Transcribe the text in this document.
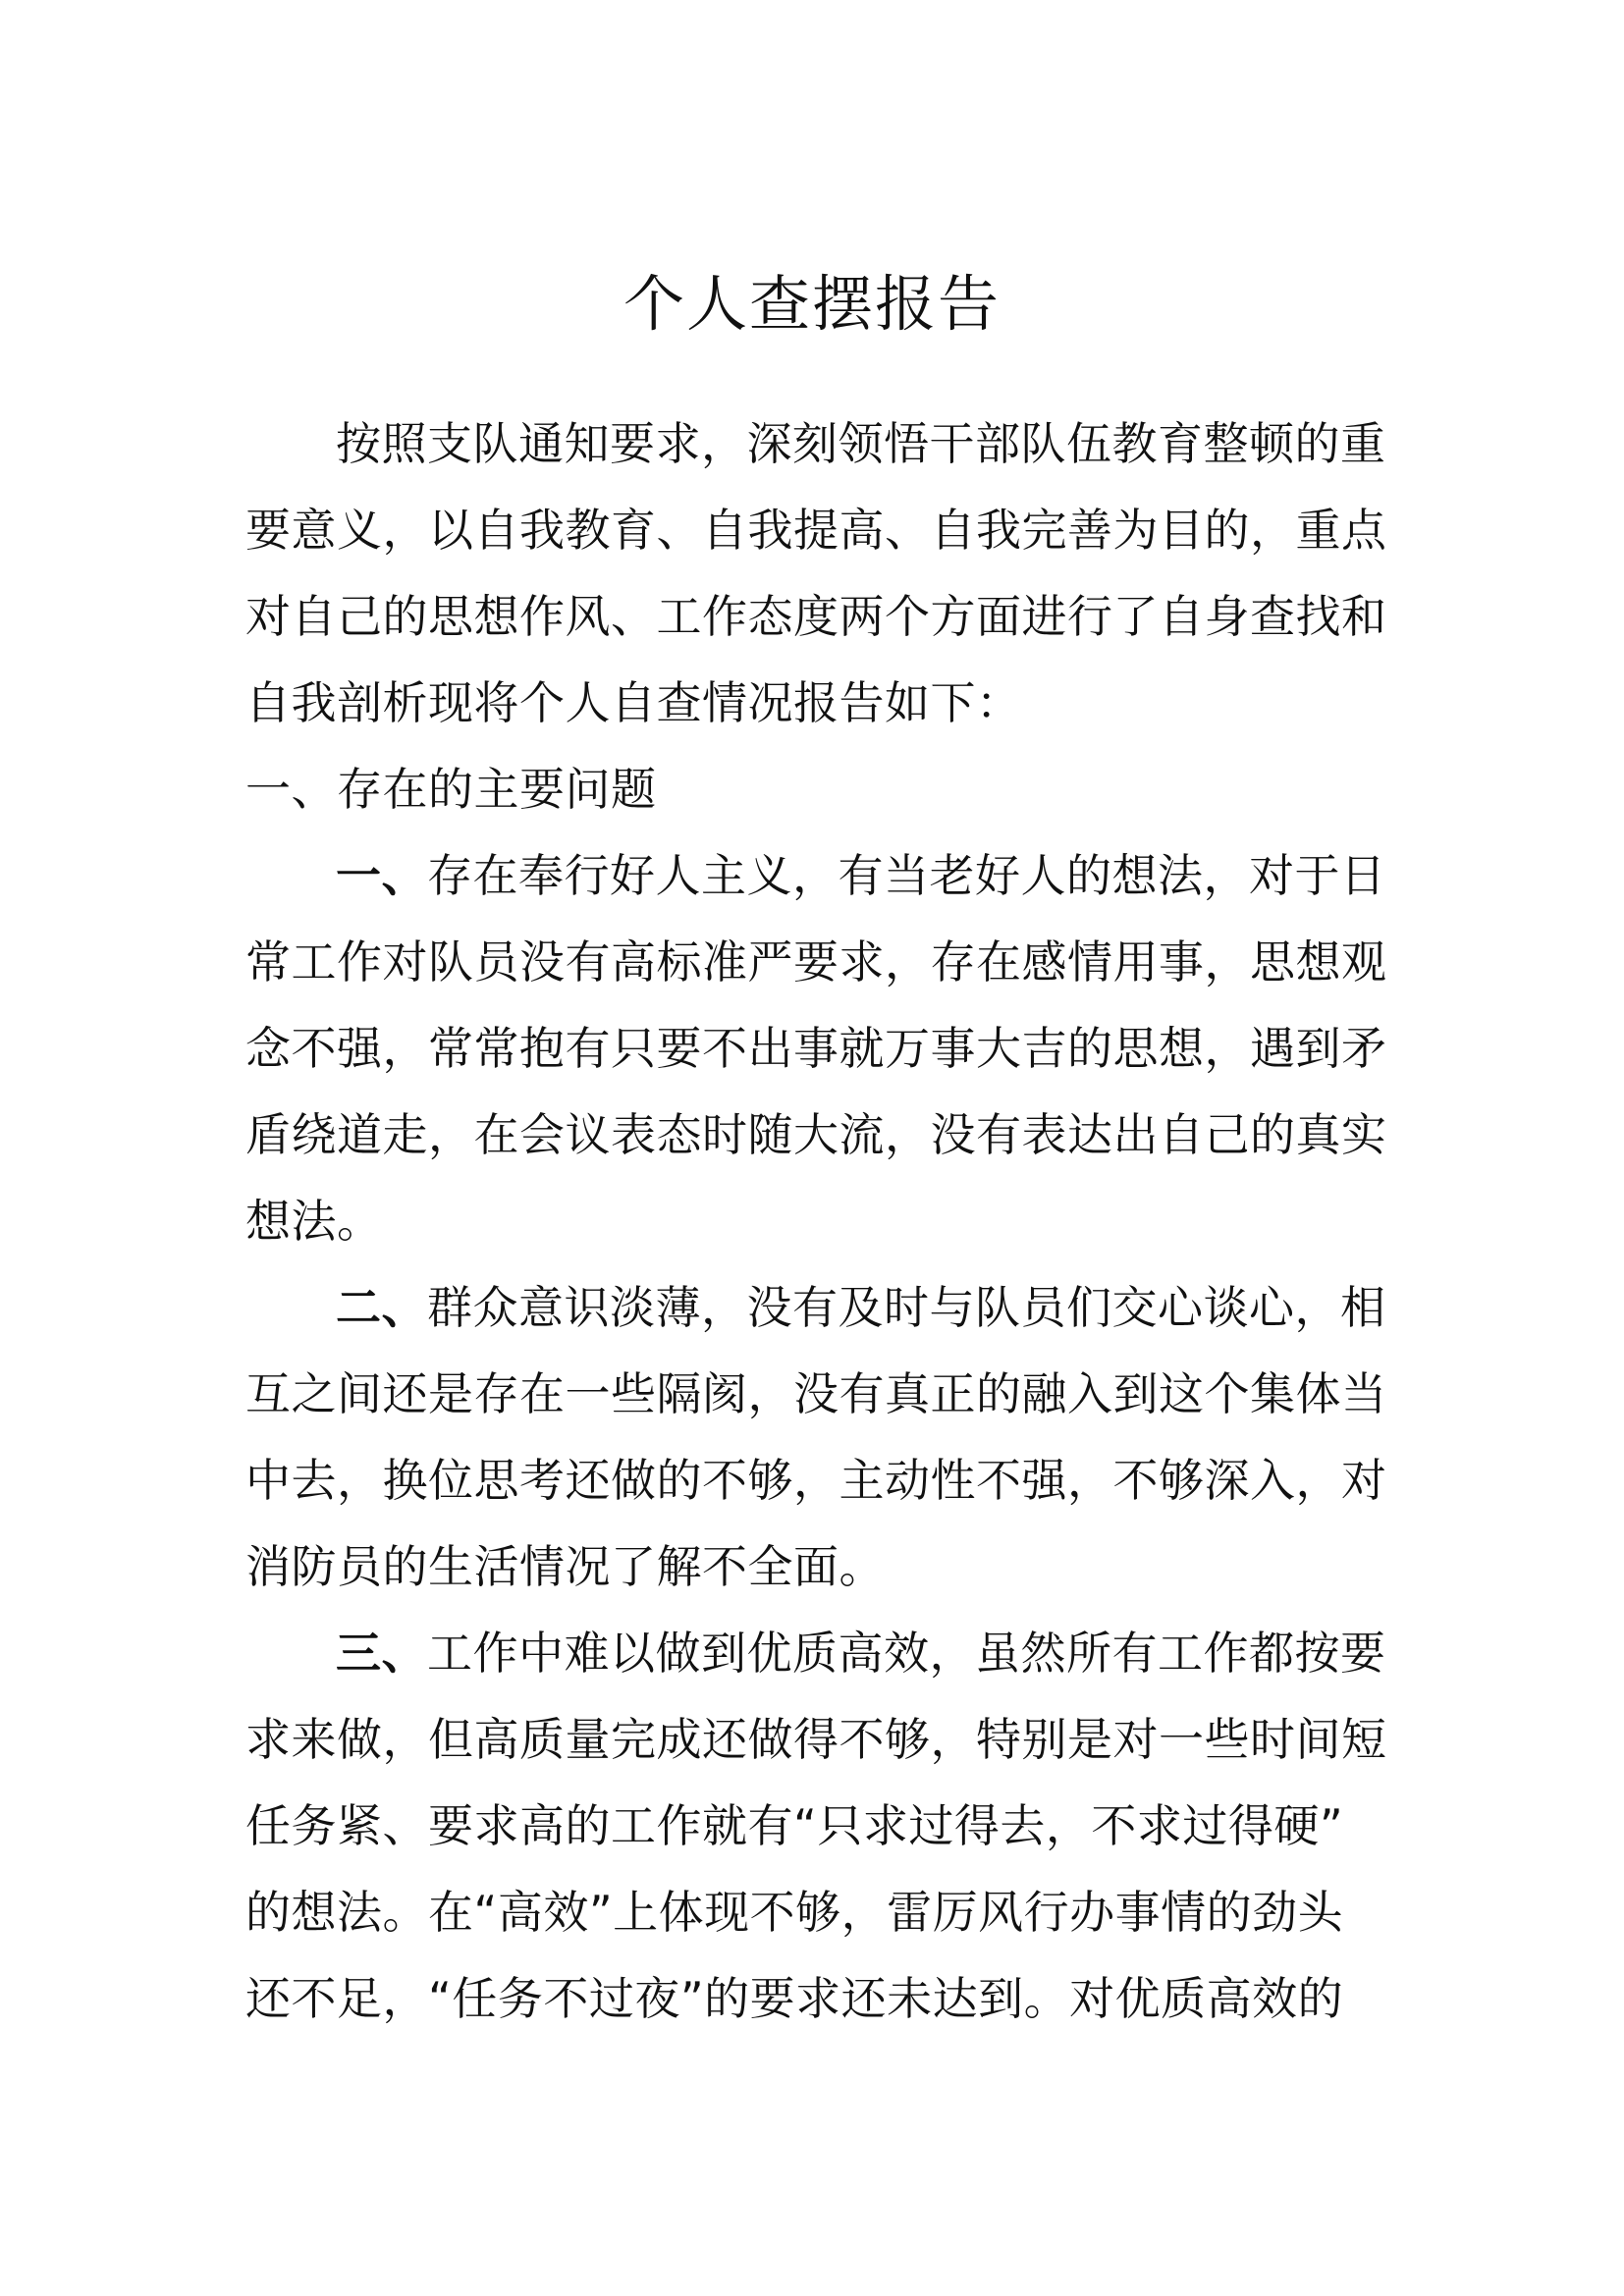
个人查摆报告
按照支队通知要求，深刻领悟干部队伍教育整顿的重
要意义，以自我教育、自我提高、自我完善为目的，重点
对自己的思想作风、工作态度两个方面进行了自身查找和
自我剖析现将个人自查情况报告如下：
一、存在的主要问题
一、存在奉行好人主义，有当老好人的想法，对于日
常工作对队员没有高标准严要求，存在感情用事，思想观
念不强，常常抱有只要不出事就万事大吉的思想，遇到矛
盾绕道走，在会议表态时随大流，没有表达出自己的真实
想法。
二、群众意识淡薄，没有及时与队员们交心谈心，相
互之间还是存在一些隔阂，没有真正的融入到这个集体当
中去，换位思考还做的不够，主动性不强，不够深入，对
消防员的生活情况了解不全面。
三、工作中难以做到优质高效，虽然所有工作都按要
求来做，但高质量完成还做得不够，特别是对一些时间短
任务紧、要求高的工作就有“只求过得去，不求过得硬”
的想法。在“高效”上体现不够，雷厉风行办事情的劲头
还不足，“任务不过夜”的要求还未达到。对优质高效的
